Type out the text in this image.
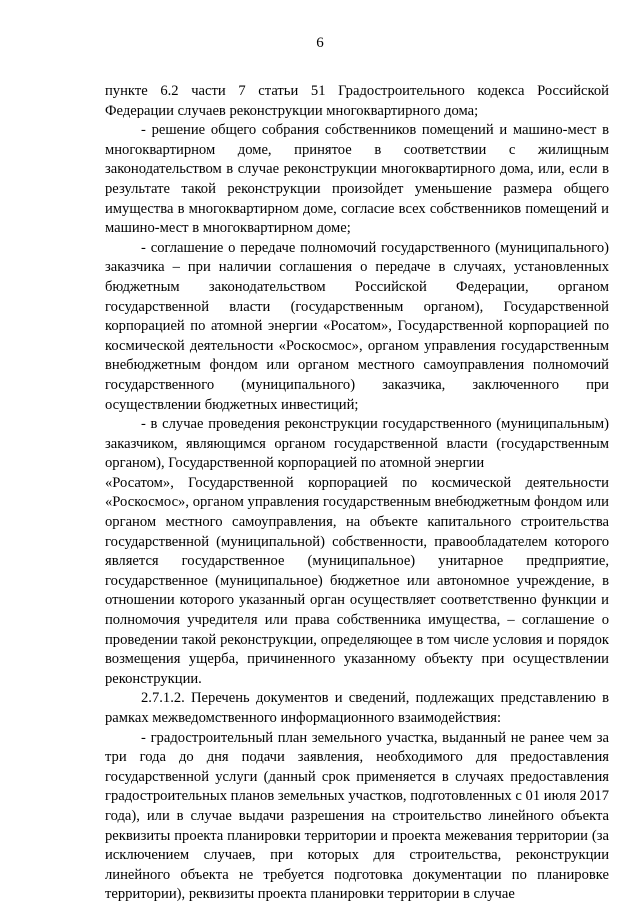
6

пункте 6.2 части 7 статьи 51 Градостроительного кодекса Российской Федерации случаев реконструкции многоквартирного дома;

- решение общего собрания собственников помещений и машино-мест в многоквартирном доме, принятое в соответствии с жилищным законодательством в случае реконструкции многоквартирного дома, или, если в результате такой реконструкции произойдет уменьшение размера общего имущества в многоквартирном доме, согласие всех собственников помещений и машино-мест в многоквартирном доме;

- соглашение о передаче полномочий государственного (муниципального) заказчика – при наличии соглашения о передаче в случаях, установленных бюджетным законодательством Российской Федерации, органом государственной власти (государственным органом), Государственной корпорацией по атомной энергии «Росатом», Государственной корпорацией по космической деятельности «Роскосмос», органом управления государственным внебюджетным фондом или органом местного самоуправления полномочий государственного (муниципального) заказчика, заключенного при осуществлении бюджетных инвестиций;

- в случае проведения реконструкции государственного (муниципальным) заказчиком, являющимся органом государственной власти (государственным органом), Государственной корпорацией по атомной энергии

«Росатом», Государственной корпорацией по космической деятельности «Роскосмос», органом управления государственным внебюджетным фондом или органом местного самоуправления, на объекте капитального строительства государственной (муниципальной) собственности, правообладателем которого является государственное (муниципальное) унитарное предприятие, государственное (муниципальное) бюджетное или автономное учреждение, в отношении которого указанный орган осуществляет соответственно функции и полномочия учредителя или права собственника имущества, – соглашение о проведении такой реконструкции, определяющее в том числе условия и порядок возмещения ущерба, причиненного указанному объекту при осуществлении реконструкции.

2.7.1.2. Перечень документов и сведений, подлежащих представлению в рамках межведомственного информационного взаимодействия:

- градостроительный план земельного участка, выданный не ранее чем за три года до дня подачи заявления, необходимого для предоставления государственной услуги (данный срок применяется в случаях предоставления градостроительных планов земельных участков, подготовленных с 01 июля 2017 года), или в случае выдачи разрешения на строительство линейного объекта реквизиты проекта планировки территории и проекта межевания территории (за исключением случаев, при которых для строительства, реконструкции линейного объекта не требуется подготовка документации по планировке территории), реквизиты проекта планировки территории в случае
